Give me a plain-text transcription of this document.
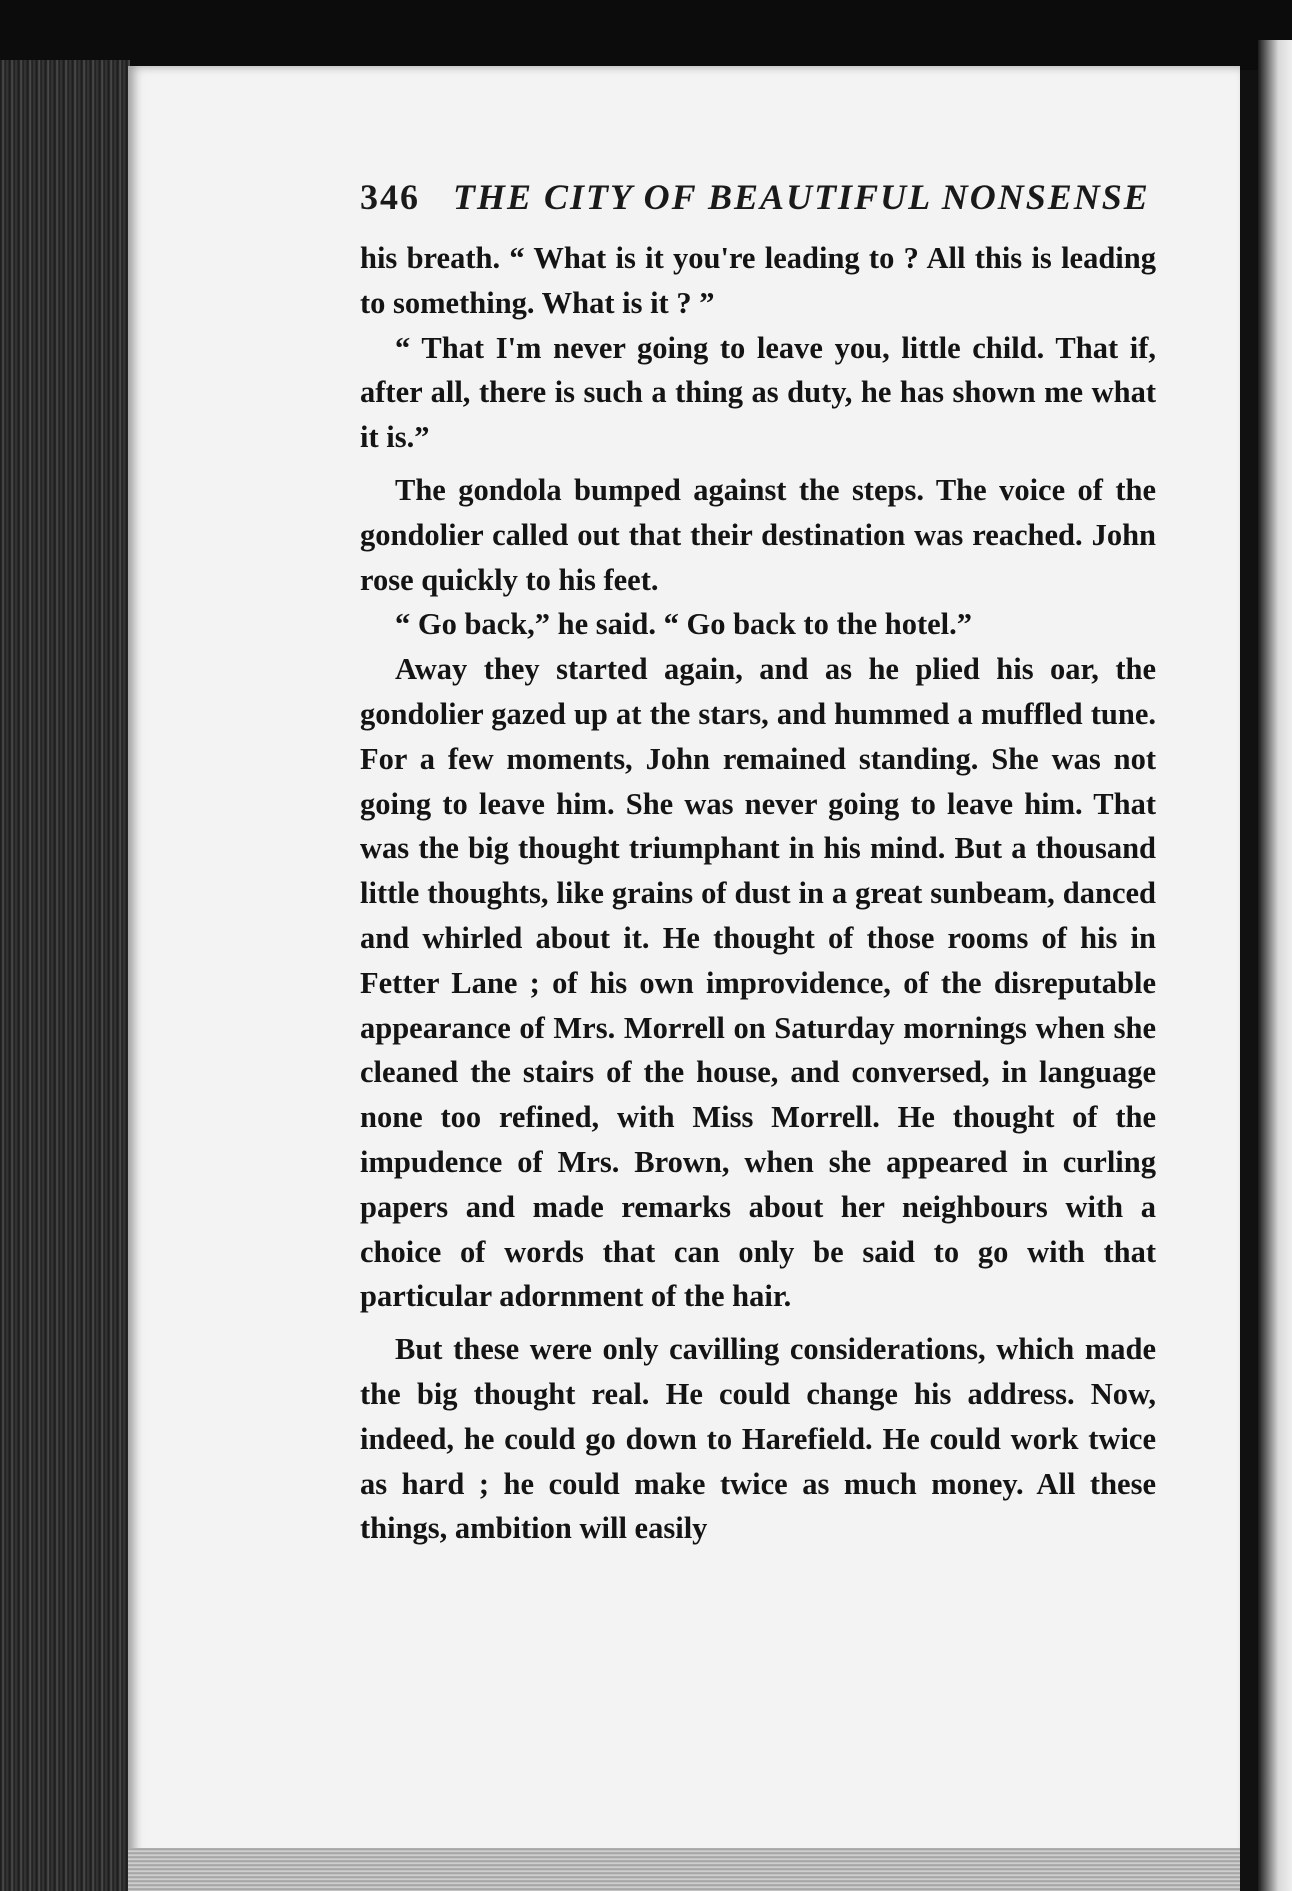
346 THE CITY OF BEAUTIFUL NONSENSE

his breath. “ What is it you're leading to ? All this is leading to something. What is it ? ”

“ That I'm never going to leave you, little child. That if, after all, there is such a thing as duty, he has shown me what it is.”

The gondola bumped against the steps. The voice of the gondolier called out that their destination was reached. John rose quickly to his feet.

“ Go back,” he said. “ Go back to the hotel.”

Away they started again, and as he plied his oar, the gondolier gazed up at the stars, and hummed a muffled tune. For a few moments, John remained standing. She was not going to leave him. She was never going to leave him. That was the big thought triumphant in his mind. But a thousand little thoughts, like grains of dust in a great sunbeam, danced and whirled about it. He thought of those rooms of his in Fetter Lane ; of his own improvidence, of the disreputable appearance of Mrs. Morrell on Saturday mornings when she cleaned the stairs of the house, and conversed, in language none too refined, with Miss Morrell. He thought of the impudence of Mrs. Brown, when she appeared in curling papers and made remarks about her neighbours with a choice of words that can only be said to go with that particular adornment of the hair.

But these were only cavilling considerations, which made the big thought real. He could change his address. Now, indeed, he could go down to Harefield. He could work twice as hard ; he could make twice as much money. All these things, ambition will easily
